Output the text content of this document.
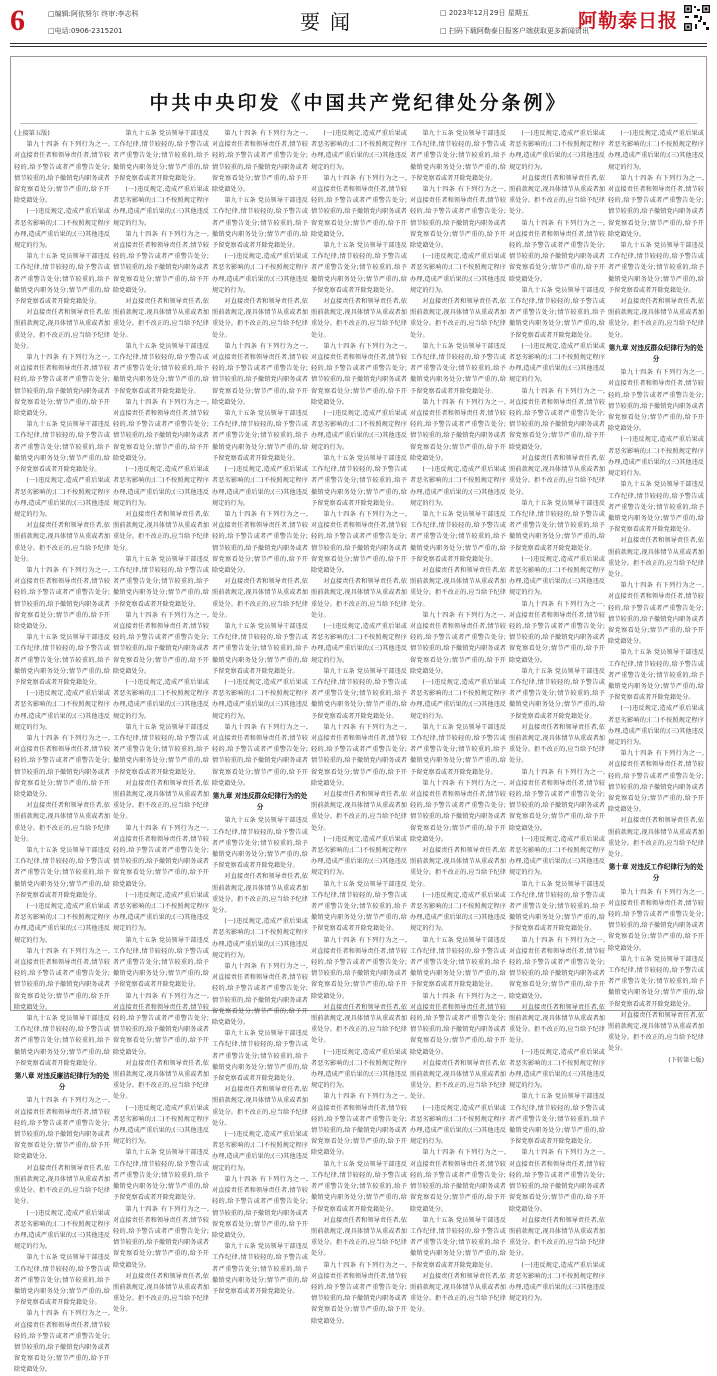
6	□编辑:阿依努尔 终审:李志科
□电话:0906-2315201	要闻	□ 2023年12月29日 星期五
□ 扫码下载阿勒泰日报客户端获取更多新闻资讯
阿勒泰日报
中共中央印发《中国共产党纪律处分条例》

(上接第五版)

第九十四条 有下列行为之一,对直接责任者和领导责任者,情节较轻的,给予警告或者严重警告处分;情节较重的,给予撤销党内职务或者留党察看处分;情节严重的,给予开除党籍处分。

(一)违反规定,造成严重后果或者恶劣影响的;(二)不按照规定程序办理,造成严重后果的;(三)其他违反规定的行为。

第九十五条 党员领导干部违反工作纪律,情节较轻的,给予警告或者严重警告处分;情节较重的,给予撤销党内职务处分;情节严重的,给予留党察看或者开除党籍处分。

对直接责任者和领导责任者,依照前款规定,视具体情节从重或者加重处分。拒不改正的,应当给予纪律处分。

第九十四条 有下列行为之一,对直接责任者和领导责任者,情节较轻的,给予警告或者严重警告处分;情节较重的,给予撤销党内职务或者留党察看处分;情节严重的,给予开除党籍处分。

第九十五条 党员领导干部违反工作纪律,情节较轻的,给予警告或者严重警告处分;情节较重的,给予撤销党内职务处分;情节严重的,给予留党察看或者开除党籍处分。

(一)违反规定,造成严重后果或者恶劣影响的;(二)不按照规定程序办理,造成严重后果的;(三)其他违反规定的行为。

对直接责任者和领导责任者,依照前款规定,视具体情节从重或者加重处分。拒不改正的,应当给予纪律处分。

第九十四条 有下列行为之一,对直接责任者和领导责任者,情节较轻的,给予警告或者严重警告处分;情节较重的,给予撤销党内职务或者留党察看处分;情节严重的,给予开除党籍处分。

第九十五条 党员领导干部违反工作纪律,情节较轻的,给予警告或者严重警告处分;情节较重的,给予撤销党内职务处分;情节严重的,给予留党察看或者开除党籍处分。

(一)违反规定,造成严重后果或者恶劣影响的;(二)不按照规定程序办理,造成严重后果的;(三)其他违反规定的行为。

第九十四条 有下列行为之一,对直接责任者和领导责任者,情节较轻的,给予警告或者严重警告处分;情节较重的,给予撤销党内职务或者留党察看处分;情节严重的,给予开除党籍处分。

对直接责任者和领导责任者,依照前款规定,视具体情节从重或者加重处分。拒不改正的,应当给予纪律处分。

第九十五条 党员领导干部违反工作纪律,情节较轻的,给予警告或者严重警告处分;情节较重的,给予撤销党内职务处分;情节严重的,给予留党察看或者开除党籍处分。

(一)违反规定,造成严重后果或者恶劣影响的;(二)不按照规定程序办理,造成严重后果的;(三)其他违反规定的行为。

第九十四条 有下列行为之一,对直接责任者和领导责任者,情节较轻的,给予警告或者严重警告处分;情节较重的,给予撤销党内职务或者留党察看处分;情节严重的,给予开除党籍处分。

第九十五条 党员领导干部违反工作纪律,情节较轻的,给予警告或者严重警告处分;情节较重的,给予撤销党内职务处分;情节严重的,给予留党察看或者开除党籍处分。

第八章 对违反廉洁纪律行为的处分

第九十四条 有下列行为之一,对直接责任者和领导责任者,情节较轻的,给予警告或者严重警告处分;情节较重的,给予撤销党内职务或者留党察看处分;情节严重的,给予开除党籍处分。

对直接责任者和领导责任者,依照前款规定,视具体情节从重或者加重处分。拒不改正的,应当给予纪律处分。

(一)违反规定,造成严重后果或者恶劣影响的;(二)不按照规定程序办理,造成严重后果的;(三)其他违反规定的行为。

第九十五条 党员领导干部违反工作纪律,情节较轻的,给予警告或者严重警告处分;情节较重的,给予撤销党内职务处分;情节严重的,给予留党察看或者开除党籍处分。

第九十四条 有下列行为之一,对直接责任者和领导责任者,情节较轻的,给予警告或者严重警告处分;情节较重的,给予撤销党内职务或者留党察看处分;情节严重的,给予开除党籍处分。

第九十五条 党员领导干部违反工作纪律,情节较轻的,给予警告或者严重警告处分;情节较重的,给予撤销党内职务处分;情节严重的,给予留党察看或者开除党籍处分。

(一)违反规定,造成严重后果或者恶劣影响的;(二)不按照规定程序办理,造成严重后果的;(三)其他违反规定的行为。

第九十四条 有下列行为之一,对直接责任者和领导责任者,情节较轻的,给予警告或者严重警告处分;情节较重的,给予撤销党内职务或者留党察看处分;情节严重的,给予开除党籍处分。

对直接责任者和领导责任者,依照前款规定,视具体情节从重或者加重处分。拒不改正的,应当给予纪律处分。

第九十五条 党员领导干部违反工作纪律,情节较轻的,给予警告或者严重警告处分;情节较重的,给予撤销党内职务处分;情节严重的,给予留党察看或者开除党籍处分。

第九十四条 有下列行为之一,对直接责任者和领导责任者,情节较轻的,给予警告或者严重警告处分;情节较重的,给予撤销党内职务或者留党察看处分;情节严重的,给予开除党籍处分。

(一)违反规定,造成严重后果或者恶劣影响的;(二)不按照规定程序办理,造成严重后果的;(三)其他违反规定的行为。

对直接责任者和领导责任者,依照前款规定,视具体情节从重或者加重处分。拒不改正的,应当给予纪律处分。

第九十五条 党员领导干部违反工作纪律,情节较轻的,给予警告或者严重警告处分;情节较重的,给予撤销党内职务处分;情节严重的,给予留党察看或者开除党籍处分。

第九十四条 有下列行为之一,对直接责任者和领导责任者,情节较轻的,给予警告或者严重警告处分;情节较重的,给予撤销党内职务或者留党察看处分;情节严重的,给予开除党籍处分。

(一)违反规定,造成严重后果或者恶劣影响的;(二)不按照规定程序办理,造成严重后果的;(三)其他违反规定的行为。

第九十五条 党员领导干部违反工作纪律,情节较轻的,给予警告或者严重警告处分;情节较重的,给予撤销党内职务处分;情节严重的,给予留党察看或者开除党籍处分。

对直接责任者和领导责任者,依照前款规定,视具体情节从重或者加重处分。拒不改正的,应当给予纪律处分。

第九十四条 有下列行为之一,对直接责任者和领导责任者,情节较轻的,给予警告或者严重警告处分;情节较重的,给予撤销党内职务或者留党察看处分;情节严重的,给予开除党籍处分。

(一)违反规定,造成严重后果或者恶劣影响的;(二)不按照规定程序办理,造成严重后果的;(三)其他违反规定的行为。

第九十五条 党员领导干部违反工作纪律,情节较轻的,给予警告或者严重警告处分;情节较重的,给予撤销党内职务处分;情节严重的,给予留党察看或者开除党籍处分。

第九十四条 有下列行为之一,对直接责任者和领导责任者,情节较轻的,给予警告或者严重警告处分;情节较重的,给予撤销党内职务或者留党察看处分;情节严重的,给予开除党籍处分。

对直接责任者和领导责任者,依照前款规定,视具体情节从重或者加重处分。拒不改正的,应当给予纪律处分。

(一)违反规定,造成严重后果或者恶劣影响的;(二)不按照规定程序办理,造成严重后果的;(三)其他违反规定的行为。

第九十五条 党员领导干部违反工作纪律,情节较轻的,给予警告或者严重警告处分;情节较重的,给予撤销党内职务处分;情节严重的,给予留党察看或者开除党籍处分。

第九十四条 有下列行为之一,对直接责任者和领导责任者,情节较轻的,给予警告或者严重警告处分;情节较重的,给予撤销党内职务或者留党察看处分;情节严重的,给予开除党籍处分。

对直接责任者和领导责任者,依照前款规定,视具体情节从重或者加重处分。拒不改正的,应当给予纪律处分。

第九十四条 有下列行为之一,对直接责任者和领导责任者,情节较轻的,给予警告或者严重警告处分;情节较重的,给予撤销党内职务或者留党察看处分;情节严重的,给予开除党籍处分。

第九十五条 党员领导干部违反工作纪律,情节较轻的,给予警告或者严重警告处分;情节较重的,给予撤销党内职务处分;情节严重的,给予留党察看或者开除党籍处分。

(一)违反规定,造成严重后果或者恶劣影响的;(二)不按照规定程序办理,造成严重后果的;(三)其他违反规定的行为。

对直接责任者和领导责任者,依照前款规定,视具体情节从重或者加重处分。拒不改正的,应当给予纪律处分。

第九十四条 有下列行为之一,对直接责任者和领导责任者,情节较轻的,给予警告或者严重警告处分;情节较重的,给予撤销党内职务或者留党察看处分;情节严重的,给予开除党籍处分。

第九十五条 党员领导干部违反工作纪律,情节较轻的,给予警告或者严重警告处分;情节较重的,给予撤销党内职务处分;情节严重的,给予留党察看或者开除党籍处分。

(一)违反规定,造成严重后果或者恶劣影响的;(二)不按照规定程序办理,造成严重后果的;(三)其他违反规定的行为。

第九十四条 有下列行为之一,对直接责任者和领导责任者,情节较轻的,给予警告或者严重警告处分;情节较重的,给予撤销党内职务或者留党察看处分;情节严重的,给予开除党籍处分。

对直接责任者和领导责任者,依照前款规定,视具体情节从重或者加重处分。拒不改正的,应当给予纪律处分。

第九十五条 党员领导干部违反工作纪律,情节较轻的,给予警告或者严重警告处分;情节较重的,给予撤销党内职务处分;情节严重的,给予留党察看或者开除党籍处分。

(一)违反规定,造成严重后果或者恶劣影响的;(二)不按照规定程序办理,造成严重后果的;(三)其他违反规定的行为。

第九十四条 有下列行为之一,对直接责任者和领导责任者,情节较轻的,给予警告或者严重警告处分;情节较重的,给予撤销党内职务或者留党察看处分;情节严重的,给予开除党籍处分。

第九章 对违反群众纪律行为的处分

第九十五条 党员领导干部违反工作纪律,情节较轻的,给予警告或者严重警告处分;情节较重的,给予撤销党内职务处分;情节严重的,给予留党察看或者开除党籍处分。

对直接责任者和领导责任者,依照前款规定,视具体情节从重或者加重处分。拒不改正的,应当给予纪律处分。

(一)违反规定,造成严重后果或者恶劣影响的;(二)不按照规定程序办理,造成严重后果的;(三)其他违反规定的行为。

第九十四条 有下列行为之一,对直接责任者和领导责任者,情节较轻的,给予警告或者严重警告处分;情节较重的,给予撤销党内职务或者留党察看处分;情节严重的,给予开除党籍处分。

第九十五条 党员领导干部违反工作纪律,情节较轻的,给予警告或者严重警告处分;情节较重的,给予撤销党内职务处分;情节严重的,给予留党察看或者开除党籍处分。

对直接责任者和领导责任者,依照前款规定,视具体情节从重或者加重处分。拒不改正的,应当给予纪律处分。

(一)违反规定,造成严重后果或者恶劣影响的;(二)不按照规定程序办理,造成严重后果的;(三)其他违反规定的行为。

第九十四条 有下列行为之一,对直接责任者和领导责任者,情节较轻的,给予警告或者严重警告处分;情节较重的,给予撤销党内职务或者留党察看处分;情节严重的,给予开除党籍处分。

第九十五条 党员领导干部违反工作纪律,情节较轻的,给予警告或者严重警告处分;情节较重的,给予撤销党内职务处分;情节严重的,给予留党察看或者开除党籍处分。

(一)违反规定,造成严重后果或者恶劣影响的;(二)不按照规定程序办理,造成严重后果的;(三)其他违反规定的行为。

第九十四条 有下列行为之一,对直接责任者和领导责任者,情节较轻的,给予警告或者严重警告处分;情节较重的,给予撤销党内职务或者留党察看处分;情节严重的,给予开除党籍处分。

第九十五条 党员领导干部违反工作纪律,情节较轻的,给予警告或者严重警告处分;情节较重的,给予撤销党内职务处分;情节严重的,给予留党察看或者开除党籍处分。

对直接责任者和领导责任者,依照前款规定,视具体情节从重或者加重处分。拒不改正的,应当给予纪律处分。

第九十四条 有下列行为之一,对直接责任者和领导责任者,情节较轻的,给予警告或者严重警告处分;情节较重的,给予撤销党内职务或者留党察看处分;情节严重的,给予开除党籍处分。

(一)违反规定,造成严重后果或者恶劣影响的;(二)不按照规定程序办理,造成严重后果的;(三)其他违反规定的行为。

第九十五条 党员领导干部违反工作纪律,情节较轻的,给予警告或者严重警告处分;情节较重的,给予撤销党内职务处分;情节严重的,给予留党察看或者开除党籍处分。

第九十四条 有下列行为之一,对直接责任者和领导责任者,情节较轻的,给予警告或者严重警告处分;情节较重的,给予撤销党内职务或者留党察看处分;情节严重的,给予开除党籍处分。

对直接责任者和领导责任者,依照前款规定,视具体情节从重或者加重处分。拒不改正的,应当给予纪律处分。

(一)违反规定,造成严重后果或者恶劣影响的;(二)不按照规定程序办理,造成严重后果的;(三)其他违反规定的行为。

第九十五条 党员领导干部违反工作纪律,情节较轻的,给予警告或者严重警告处分;情节较重的,给予撤销党内职务处分;情节严重的,给予留党察看或者开除党籍处分。

第九十四条 有下列行为之一,对直接责任者和领导责任者,情节较轻的,给予警告或者严重警告处分;情节较重的,给予撤销党内职务或者留党察看处分;情节严重的,给予开除党籍处分。

对直接责任者和领导责任者,依照前款规定,视具体情节从重或者加重处分。拒不改正的,应当给予纪律处分。

(一)违反规定,造成严重后果或者恶劣影响的;(二)不按照规定程序办理,造成严重后果的;(三)其他违反规定的行为。

第九十五条 党员领导干部违反工作纪律,情节较轻的,给予警告或者严重警告处分;情节较重的,给予撤销党内职务处分;情节严重的,给予留党察看或者开除党籍处分。

第九十四条 有下列行为之一,对直接责任者和领导责任者,情节较轻的,给予警告或者严重警告处分;情节较重的,给予撤销党内职务或者留党察看处分;情节严重的,给予开除党籍处分。

对直接责任者和领导责任者,依照前款规定,视具体情节从重或者加重处分。拒不改正的,应当给予纪律处分。

(一)违反规定,造成严重后果或者恶劣影响的;(二)不按照规定程序办理,造成严重后果的;(三)其他违反规定的行为。

第九十四条 有下列行为之一,对直接责任者和领导责任者,情节较轻的,给予警告或者严重警告处分;情节较重的,给予撤销党内职务或者留党察看处分;情节严重的,给予开除党籍处分。

第九十五条 党员领导干部违反工作纪律,情节较轻的,给予警告或者严重警告处分;情节较重的,给予撤销党内职务处分;情节严重的,给予留党察看或者开除党籍处分。

对直接责任者和领导责任者,依照前款规定,视具体情节从重或者加重处分。拒不改正的,应当给予纪律处分。

第九十四条 有下列行为之一,对直接责任者和领导责任者,情节较轻的,给予警告或者严重警告处分;情节较重的,给予撤销党内职务或者留党察看处分;情节严重的,给予开除党籍处分。

第九十五条 党员领导干部违反工作纪律,情节较轻的,给予警告或者严重警告处分;情节较重的,给予撤销党内职务处分;情节严重的,给予留党察看或者开除党籍处分。

第九十四条 有下列行为之一,对直接责任者和领导责任者,情节较轻的,给予警告或者严重警告处分;情节较重的,给予撤销党内职务或者留党察看处分;情节严重的,给予开除党籍处分。

(一)违反规定,造成严重后果或者恶劣影响的;(二)不按照规定程序办理,造成严重后果的;(三)其他违反规定的行为。

对直接责任者和领导责任者,依照前款规定,视具体情节从重或者加重处分。拒不改正的,应当给予纪律处分。

第九十五条 党员领导干部违反工作纪律,情节较轻的,给予警告或者严重警告处分;情节较重的,给予撤销党内职务处分;情节严重的,给予留党察看或者开除党籍处分。

第九十四条 有下列行为之一,对直接责任者和领导责任者,情节较轻的,给予警告或者严重警告处分;情节较重的,给予撤销党内职务或者留党察看处分;情节严重的,给予开除党籍处分。

(一)违反规定,造成严重后果或者恶劣影响的;(二)不按照规定程序办理,造成严重后果的;(三)其他违反规定的行为。

第九十五条 党员领导干部违反工作纪律,情节较轻的,给予警告或者严重警告处分;情节较重的,给予撤销党内职务处分;情节严重的,给予留党察看或者开除党籍处分。

对直接责任者和领导责任者,依照前款规定,视具体情节从重或者加重处分。拒不改正的,应当给予纪律处分。

第九十四条 有下列行为之一,对直接责任者和领导责任者,情节较轻的,给予警告或者严重警告处分;情节较重的,给予撤销党内职务或者留党察看处分;情节严重的,给予开除党籍处分。

(一)违反规定,造成严重后果或者恶劣影响的;(二)不按照规定程序办理,造成严重后果的;(三)其他违反规定的行为。

第九十五条 党员领导干部违反工作纪律,情节较轻的,给予警告或者严重警告处分;情节较重的,给予撤销党内职务处分;情节严重的,给予留党察看或者开除党籍处分。

第九十四条 有下列行为之一,对直接责任者和领导责任者,情节较轻的,给予警告或者严重警告处分;情节较重的,给予撤销党内职务或者留党察看处分;情节严重的,给予开除党籍处分。

对直接责任者和领导责任者,依照前款规定,视具体情节从重或者加重处分。拒不改正的,应当给予纪律处分。

(一)违反规定,造成严重后果或者恶劣影响的;(二)不按照规定程序办理,造成严重后果的;(三)其他违反规定的行为。

第九十五条 党员领导干部违反工作纪律,情节较轻的,给予警告或者严重警告处分;情节较重的,给予撤销党内职务处分;情节严重的,给予留党察看或者开除党籍处分。

第九十四条 有下列行为之一,对直接责任者和领导责任者,情节较轻的,给予警告或者严重警告处分;情节较重的,给予撤销党内职务或者留党察看处分;情节严重的,给予开除党籍处分。

对直接责任者和领导责任者,依照前款规定,视具体情节从重或者加重处分。拒不改正的,应当给予纪律处分。

(一)违反规定,造成严重后果或者恶劣影响的;(二)不按照规定程序办理,造成严重后果的;(三)其他违反规定的行为。

第九十四条 有下列行为之一,对直接责任者和领导责任者,情节较轻的,给予警告或者严重警告处分;情节较重的,给予撤销党内职务或者留党察看处分;情节严重的,给予开除党籍处分。

第九十五条 党员领导干部违反工作纪律,情节较轻的,给予警告或者严重警告处分;情节较重的,给予撤销党内职务处分;情节严重的,给予留党察看或者开除党籍处分。

对直接责任者和领导责任者,依照前款规定,视具体情节从重或者加重处分。拒不改正的,应当给予纪律处分。

(一)违反规定,造成严重后果或者恶劣影响的;(二)不按照规定程序办理,造成严重后果的;(三)其他违反规定的行为。

对直接责任者和领导责任者,依照前款规定,视具体情节从重或者加重处分。拒不改正的,应当给予纪律处分。

第九十四条 有下列行为之一,对直接责任者和领导责任者,情节较轻的,给予警告或者严重警告处分;情节较重的,给予撤销党内职务或者留党察看处分;情节严重的,给予开除党籍处分。

第九十五条 党员领导干部违反工作纪律,情节较轻的,给予警告或者严重警告处分;情节较重的,给予撤销党内职务处分;情节严重的,给予留党察看或者开除党籍处分。

(一)违反规定,造成严重后果或者恶劣影响的;(二)不按照规定程序办理,造成严重后果的;(三)其他违反规定的行为。

第九十四条 有下列行为之一,对直接责任者和领导责任者,情节较轻的,给予警告或者严重警告处分;情节较重的,给予撤销党内职务或者留党察看处分;情节严重的,给予开除党籍处分。

对直接责任者和领导责任者,依照前款规定,视具体情节从重或者加重处分。拒不改正的,应当给予纪律处分。

第九十五条 党员领导干部违反工作纪律,情节较轻的,给予警告或者严重警告处分;情节较重的,给予撤销党内职务处分;情节严重的,给予留党察看或者开除党籍处分。

(一)违反规定,造成严重后果或者恶劣影响的;(二)不按照规定程序办理,造成严重后果的;(三)其他违反规定的行为。

第九十四条 有下列行为之一,对直接责任者和领导责任者,情节较轻的,给予警告或者严重警告处分;情节较重的,给予撤销党内职务或者留党察看处分;情节严重的,给予开除党籍处分。

第九十五条 党员领导干部违反工作纪律,情节较轻的,给予警告或者严重警告处分;情节较重的,给予撤销党内职务处分;情节严重的,给予留党察看或者开除党籍处分。

对直接责任者和领导责任者,依照前款规定,视具体情节从重或者加重处分。拒不改正的,应当给予纪律处分。

第九十四条 有下列行为之一,对直接责任者和领导责任者,情节较轻的,给予警告或者严重警告处分;情节较重的,给予撤销党内职务或者留党察看处分;情节严重的,给予开除党籍处分。

(一)违反规定,造成严重后果或者恶劣影响的;(二)不按照规定程序办理,造成严重后果的;(三)其他违反规定的行为。

第九十五条 党员领导干部违反工作纪律,情节较轻的,给予警告或者严重警告处分;情节较重的,给予撤销党内职务处分;情节严重的,给予留党察看或者开除党籍处分。

第九十四条 有下列行为之一,对直接责任者和领导责任者,情节较轻的,给予警告或者严重警告处分;情节较重的,给予撤销党内职务或者留党察看处分;情节严重的,给予开除党籍处分。

对直接责任者和领导责任者,依照前款规定,视具体情节从重或者加重处分。拒不改正的,应当给予纪律处分。

(一)违反规定,造成严重后果或者恶劣影响的;(二)不按照规定程序办理,造成严重后果的;(三)其他违反规定的行为。

第九十五条 党员领导干部违反工作纪律,情节较轻的,给予警告或者严重警告处分;情节较重的,给予撤销党内职务处分;情节严重的,给予留党察看或者开除党籍处分。

第九十四条 有下列行为之一,对直接责任者和领导责任者,情节较轻的,给予警告或者严重警告处分;情节较重的,给予撤销党内职务或者留党察看处分;情节严重的,给予开除党籍处分。

对直接责任者和领导责任者,依照前款规定,视具体情节从重或者加重处分。拒不改正的,应当给予纪律处分。

(一)违反规定,造成严重后果或者恶劣影响的;(二)不按照规定程序办理,造成严重后果的;(三)其他违反规定的行为。

(一)违反规定,造成严重后果或者恶劣影响的;(二)不按照规定程序办理,造成严重后果的;(三)其他违反规定的行为。

第九十四条 有下列行为之一,对直接责任者和领导责任者,情节较轻的,给予警告或者严重警告处分;情节较重的,给予撤销党内职务或者留党察看处分;情节严重的,给予开除党籍处分。

第九十五条 党员领导干部违反工作纪律,情节较轻的,给予警告或者严重警告处分;情节较重的,给予撤销党内职务处分;情节严重的,给予留党察看或者开除党籍处分。

对直接责任者和领导责任者,依照前款规定,视具体情节从重或者加重处分。拒不改正的,应当给予纪律处分。

第九章 对违反群众纪律行为的处分

第九十四条 有下列行为之一,对直接责任者和领导责任者,情节较轻的,给予警告或者严重警告处分;情节较重的,给予撤销党内职务或者留党察看处分;情节严重的,给予开除党籍处分。

(一)违反规定,造成严重后果或者恶劣影响的;(二)不按照规定程序办理,造成严重后果的;(三)其他违反规定的行为。

第九十五条 党员领导干部违反工作纪律,情节较轻的,给予警告或者严重警告处分;情节较重的,给予撤销党内职务处分;情节严重的,给予留党察看或者开除党籍处分。

对直接责任者和领导责任者,依照前款规定,视具体情节从重或者加重处分。拒不改正的,应当给予纪律处分。

第九十四条 有下列行为之一,对直接责任者和领导责任者,情节较轻的,给予警告或者严重警告处分;情节较重的,给予撤销党内职务或者留党察看处分;情节严重的,给予开除党籍处分。

第九十五条 党员领导干部违反工作纪律,情节较轻的,给予警告或者严重警告处分;情节较重的,给予撤销党内职务处分;情节严重的,给予留党察看或者开除党籍处分。

(一)违反规定,造成严重后果或者恶劣影响的;(二)不按照规定程序办理,造成严重后果的;(三)其他违反规定的行为。

第九十四条 有下列行为之一,对直接责任者和领导责任者,情节较轻的,给予警告或者严重警告处分;情节较重的,给予撤销党内职务或者留党察看处分;情节严重的,给予开除党籍处分。

对直接责任者和领导责任者,依照前款规定,视具体情节从重或者加重处分。拒不改正的,应当给予纪律处分。

第十章 对违反工作纪律行为的处分

第九十四条 有下列行为之一,对直接责任者和领导责任者,情节较轻的,给予警告或者严重警告处分;情节较重的,给予撤销党内职务或者留党察看处分;情节严重的,给予开除党籍处分。

第九十五条 党员领导干部违反工作纪律,情节较轻的,给予警告或者严重警告处分;情节较重的,给予撤销党内职务处分;情节严重的,给予留党察看或者开除党籍处分。

对直接责任者和领导责任者,依照前款规定,视具体情节从重或者加重处分。拒不改正的,应当给予纪律处分。

(下转第七版)
